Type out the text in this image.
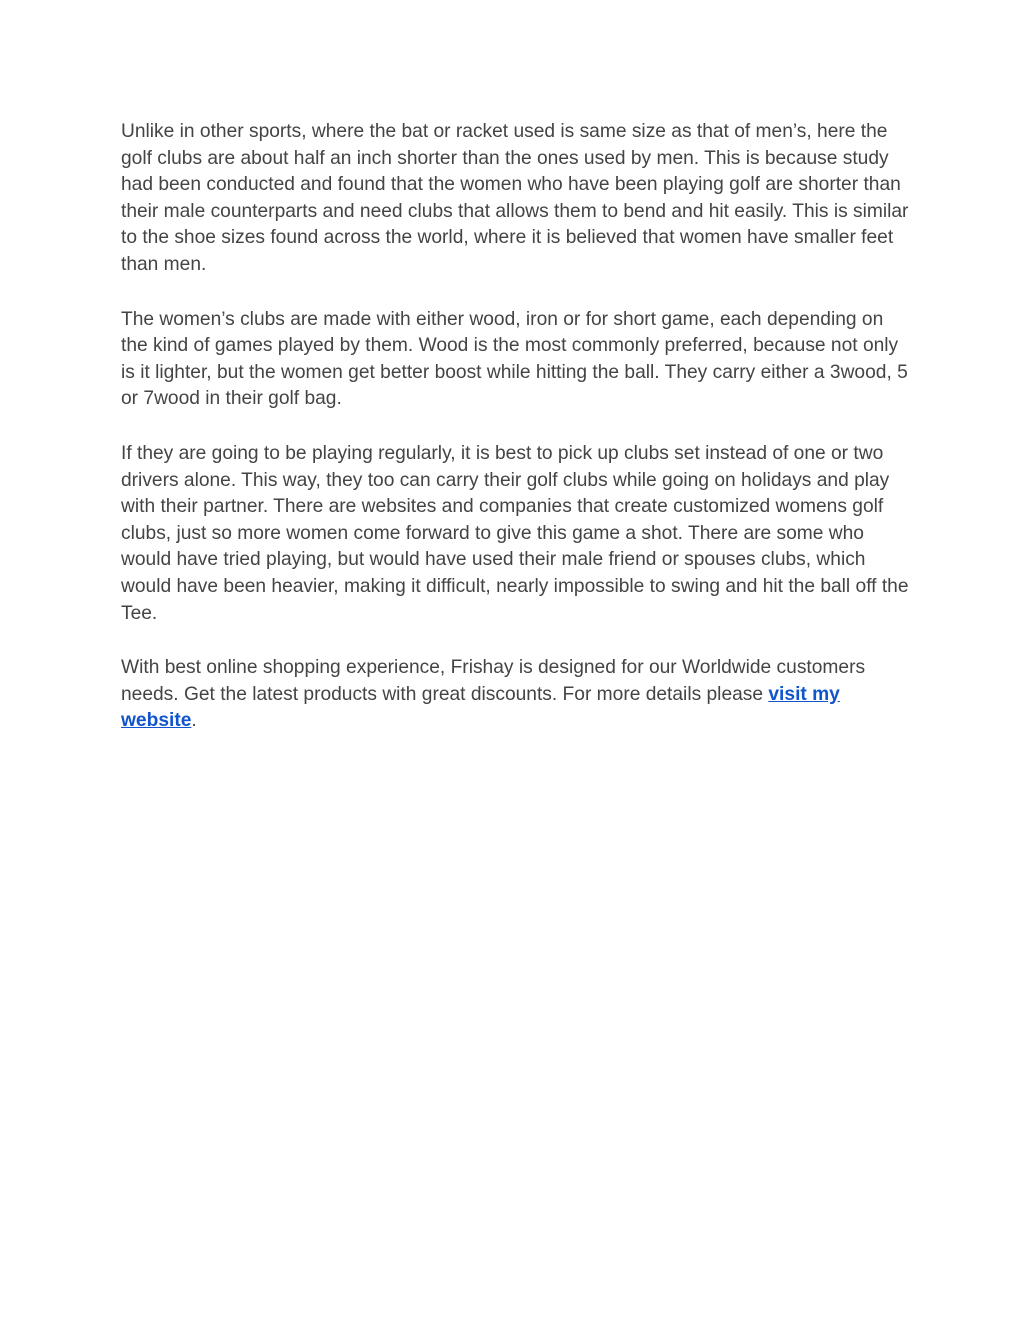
Unlike in other sports, where the bat or racket used is same size as that of men’s, here the golf clubs are about half an inch shorter than the ones used by men. This is because study had been conducted and found that the women who have been playing golf are shorter than their male counterparts and need clubs that allows them to bend and hit easily. This is similar to the shoe sizes found across the world, where it is believed that women have smaller feet than men.

The women’s clubs are made with either wood, iron or for short game, each depending on the kind of games played by them. Wood is the most commonly preferred, because not only is it lighter, but the women get better boost while hitting the ball. They carry either a 3wood, 5 or 7wood in their golf bag.

If they are going to be playing regularly, it is best to pick up clubs set instead of one or two drivers alone. This way, they too can carry their golf clubs while going on holidays and play with their partner. There are websites and companies that create customized womens golf clubs, just so more women come forward to give this game a shot. There are some who would have tried playing, but would have used their male friend or spouses clubs, which would have been heavier, making it difficult, nearly impossible to swing and hit the ball off the Tee.

With best online shopping experience, Frishay is designed for our Worldwide customers needs. Get the latest products with great discounts. For more details please visit my website.
